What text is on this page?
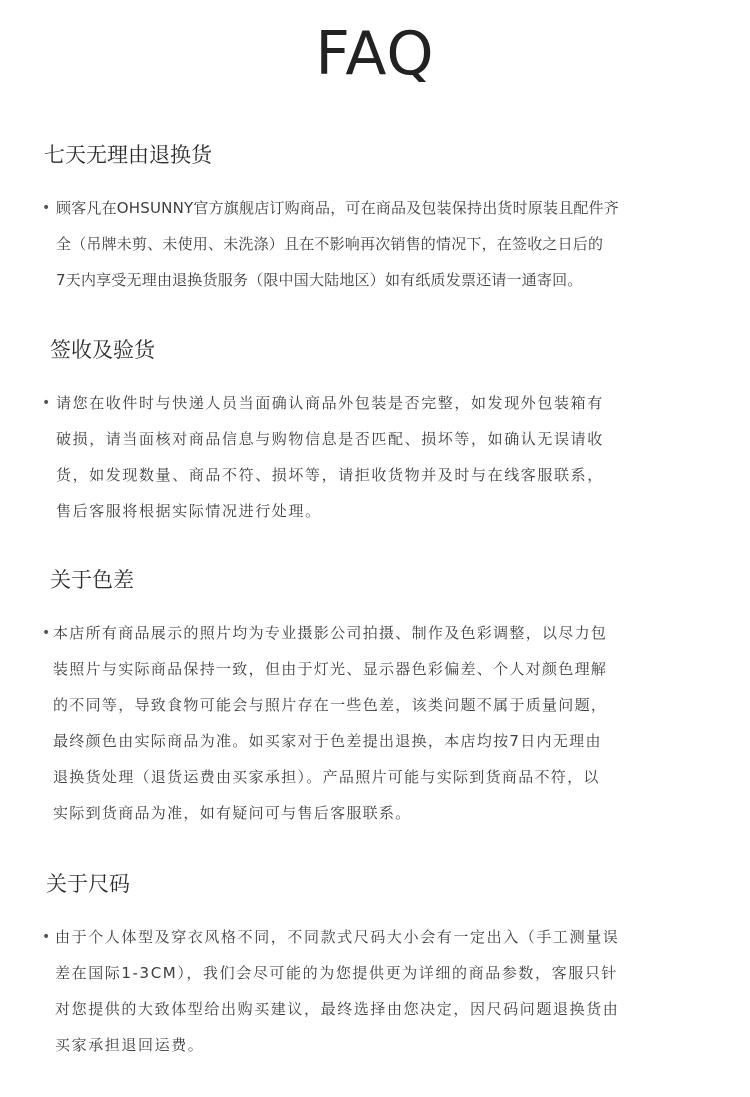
FAQ
七天无理由退换货
• 顾客凡在OHSUNNY官方旗舰店订购商品，可在商品及包装保持出货时原装且配件齐
全（吊牌未剪、未使用、未洗涤）且在不影响再次销售的情况下，在签收之日后的
7天内享受无理由退换货服务（限中国大陆地区）如有纸质发票还请一通寄回。
签收及验货
• 请您在收件时与快递人员当面确认商品外包装是否完整，如发现外包装箱有
破损，请当面核对商品信息与购物信息是否匹配、损坏等，如确认无误请收
货，如发现数量、商品不符、损坏等，请拒收货物并及时与在线客服联系，
售后客服将根据实际情况进行处理。
关于色差
• 本店所有商品展示的照片均为专业摄影公司拍摄、制作及色彩调整，以尽力包
装照片与实际商品保持一致，但由于灯光、显示器色彩偏差、个人对颜色理解
的不同等，导致食物可能会与照片存在一些色差，该类问题不属于质量问题，
最终颜色由实际商品为准。如买家对于色差提出退换，本店均按7日内无理由
退换货处理（退货运费由买家承担）。产品照片可能与实际到货商品不符，以
实际到货商品为准，如有疑问可与售后客服联系。
关于尺码
• 由于个人体型及穿衣风格不同，不同款式尺码大小会有一定出入（手工测量误
差在国际1-3CM），我们会尽可能的为您提供更为详细的商品参数，客服只针
对您提供的大致体型给出购买建议，最终选择由您决定，因尺码问题退换货由
买家承担退回运费。
